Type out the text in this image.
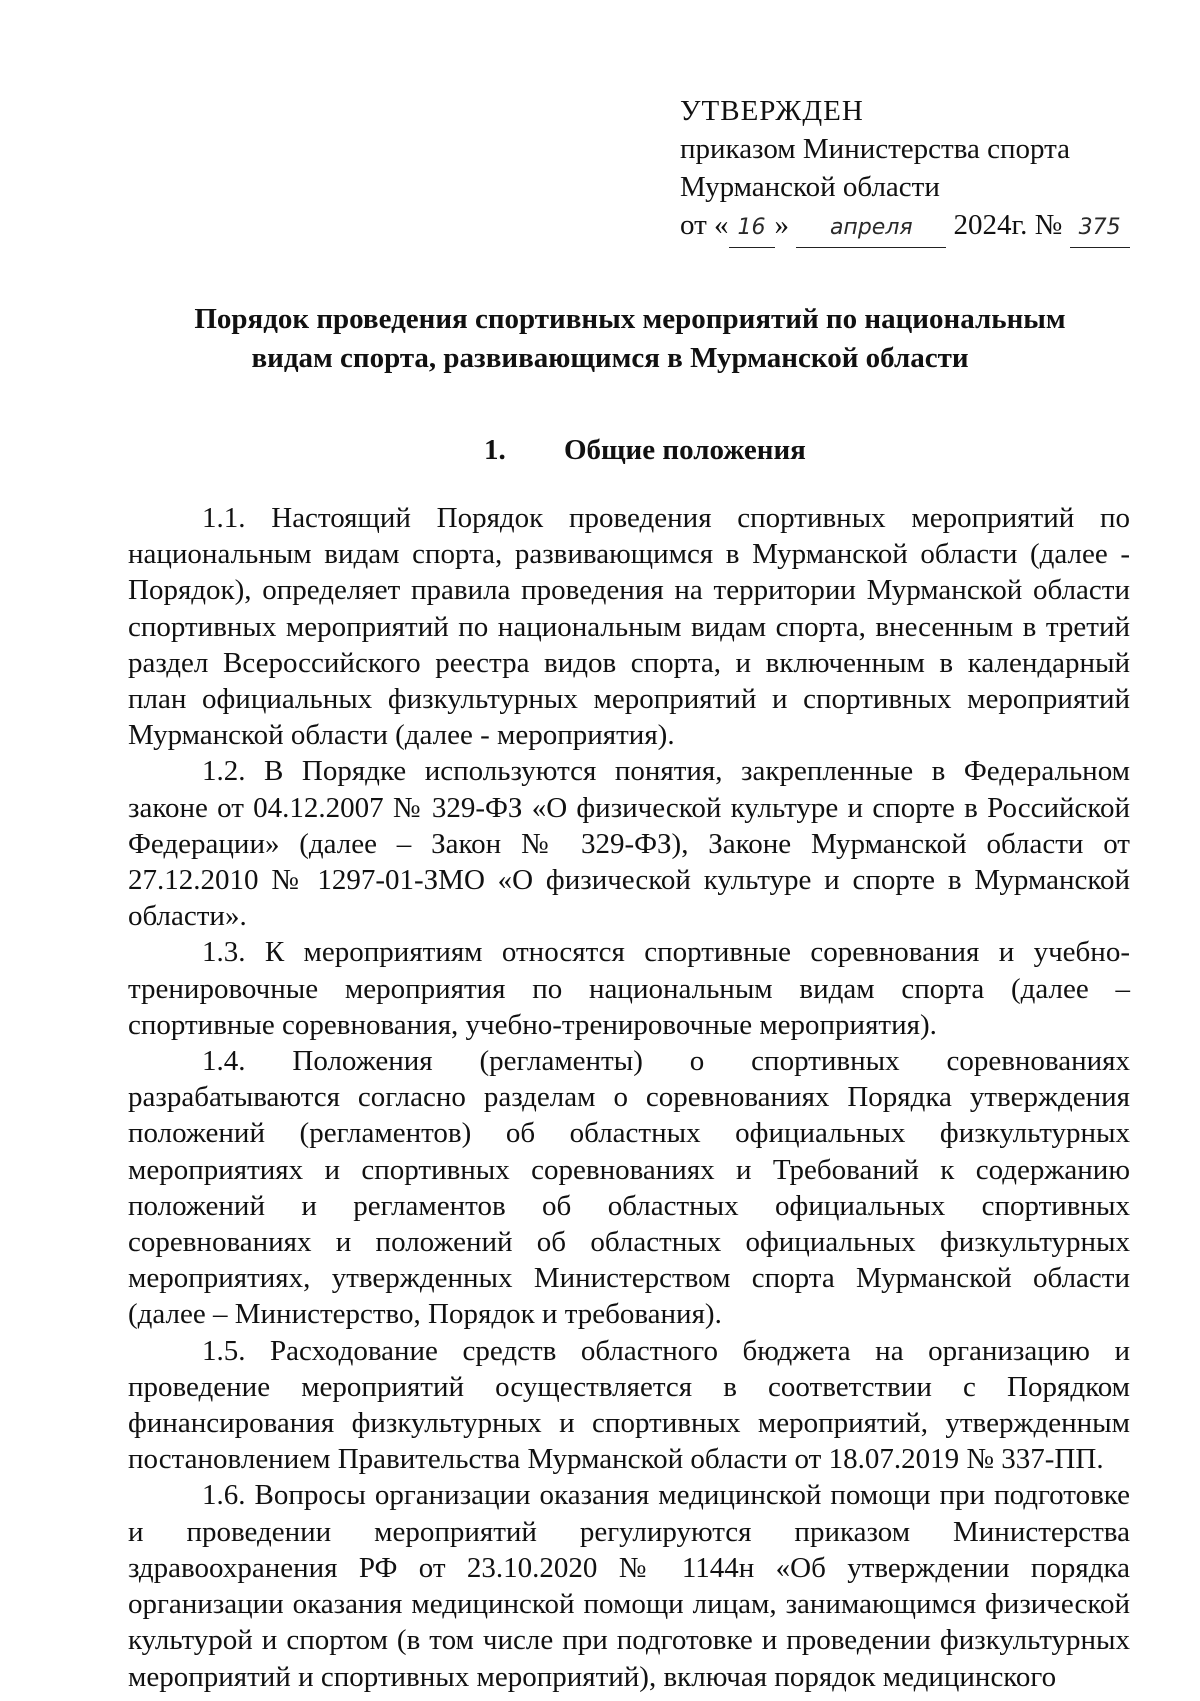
УТВЕРЖДЕН
приказом Министерства спорта
Мурманской области
от « 16 » апреля 2024г. № 375
Порядок проведения спортивных мероприятий по национальным
видам спорта, развивающимся в Мурманской области
1. Общие положения

1.1. Настоящий Порядок проведения спортивных мероприятий по национальным видам спорта, развивающимся в Мурманской области (далее - Порядок), определяет правила проведения на территории Мурманской области спортивных мероприятий по национальным видам спорта, внесенным в третий раздел Всероссийского реестра видов спорта, и включенным в календарный план официальных физкультурных мероприятий и спортивных мероприятий Мурманской области (далее - мероприятия).

1.2. В Порядке используются понятия, закрепленные в Федеральном законе от 04.12.2007 № 329-ФЗ «О физической культуре и спорте в Российской Федерации» (далее – Закон № 329-ФЗ), Законе Мурманской области от 27.12.2010 № 1297-01-ЗМО «О физической культуре и спорте в Мурманской области».

1.3. К мероприятиям относятся спортивные соревнования и учебно-тренировочные мероприятия по национальным видам спорта (далее – спортивные соревнования, учебно-тренировочные мероприятия).

1.4. Положения (регламенты) о спортивных соревнованиях разрабатываются согласно разделам о соревнованиях Порядка утверждения положений (регламентов) об областных официальных физкультурных мероприятиях и спортивных соревнованиях и Требований к содержанию положений и регламентов об областных официальных спортивных соревнованиях и положений об областных официальных физкультурных мероприятиях, утвержденных Министерством спорта Мурманской области (далее – Министерство, Порядок и требования).

1.5. Расходование средств областного бюджета на организацию и проведение мероприятий осуществляется в соответствии с Порядком финансирования физкультурных и спортивных мероприятий, утвержденным постановлением Правительства Мурманской области от 18.07.2019 № 337-ПП.

1.6. Вопросы организации оказания медицинской помощи при подготовке и проведении мероприятий регулируются приказом Министерства здравоохранения РФ от 23.10.2020 № 1144н «Об утверждении порядка организации оказания медицинской помощи лицам, занимающимся физической культурой и спортом (в том числе при подготовке и проведении физкультурных мероприятий и спортивных мероприятий), включая порядок медицинского
